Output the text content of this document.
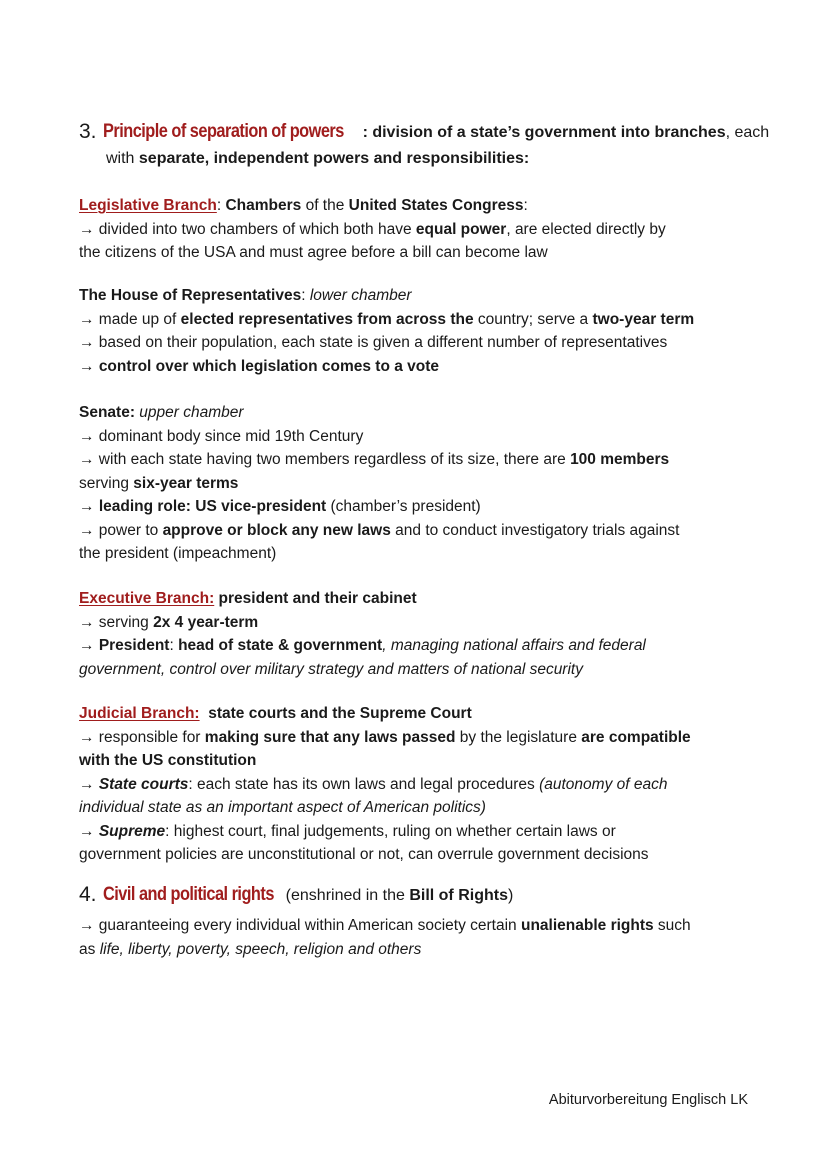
3. Principle of separation of powers : division of a state’s government into branches, each
with separate, independent powers and responsibilities:
Legislative Branch: Chambers of the United States Congress:
→ divided into two chambers of which both have equal power, are elected directly by
the citizens of the USA and must agree before a bill can become law
The House of Representatives: lower chamber
→ made up of elected representatives from across the country; serve a two-year term
→ based on their population, each state is given a different number of representatives
→ control over which legislation comes to a vote
Senate: upper chamber
→ dominant body since mid 19th Century
→ with each state having two members regardless of its size, there are 100 members
serving six-year terms
→ leading role: US vice-president (chamber’s president)
→ power to approve or block any new laws and to conduct investigatory trials against
the president (impeachment)
Executive Branch: president and their cabinet
→ serving 2x 4 year-term
→ President: head of state & government, managing national affairs and federal
government, control over military strategy and matters of national security
Judicial Branch:  state courts and the Supreme Court
→ responsible for making sure that any laws passed by the legislature are compatible
with the US constitution
→ State courts: each state has its own laws and legal procedures (autonomy of each
individual state as an important aspect of American politics)
→ Supreme: highest court, final judgements, ruling on whether certain laws or
government policies are unconstitutional or not, can overrule government decisions
4. Civil and political rights (enshrined in the Bill of Rights)
→ guaranteeing every individual within American society certain unalienable rights such
as life, liberty, poverty, speech, religion and others
Abiturvorbereitung Englisch LK
